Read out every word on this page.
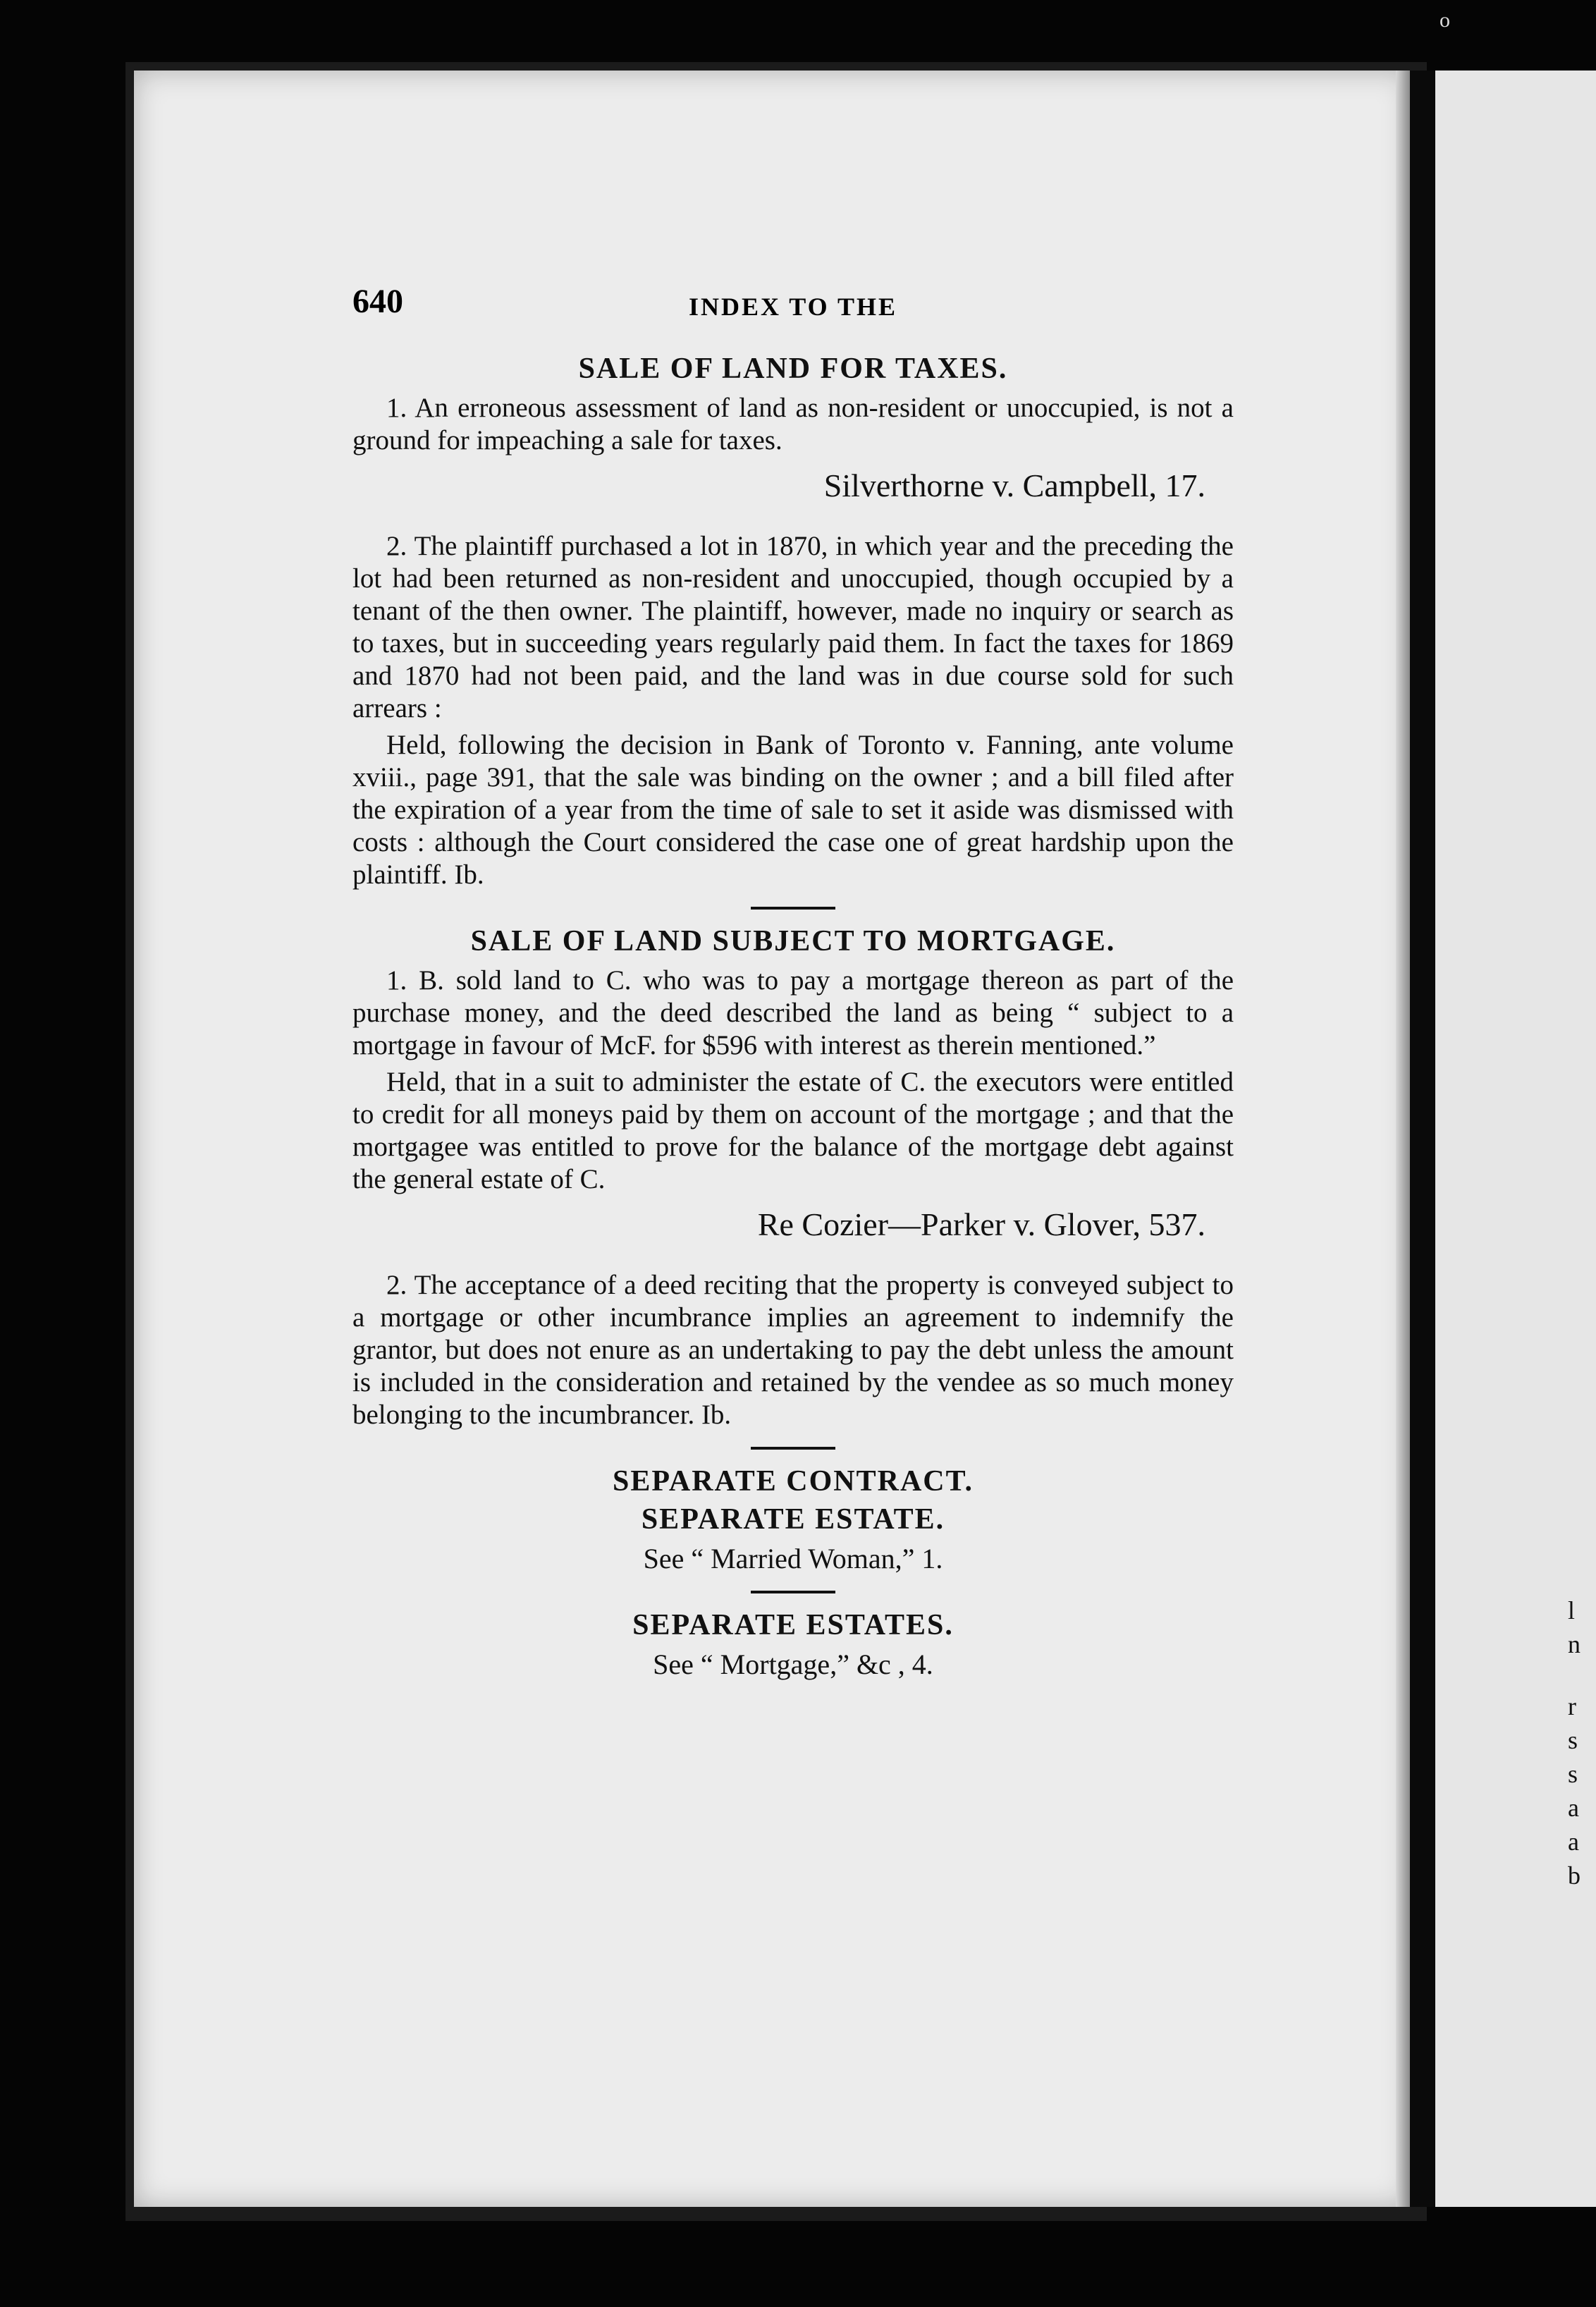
l
n
r
s
s
a
a
b
o
640	INDEX TO THE
SALE OF LAND FOR TAXES.

1. An erroneous assessment of land as non-resident or unoccupied, is not a ground for impeaching a sale for taxes.

Silverthorne v. Campbell, 17.

2. The plaintiff purchased a lot in 1870, in which year and the preceding the lot had been returned as non-resident and unoccupied, though occupied by a tenant of the then owner. The plaintiff, however, made no inquiry or search as to taxes, but in succeeding years regularly paid them. In fact the taxes for 1869 and 1870 had not been paid, and the land was in due course sold for such arrears :

Held, following the decision in Bank of Toronto v. Fanning, ante volume xviii., page 391, that the sale was binding on the owner ; and a bill filed after the expiration of a year from the time of sale to set it aside was dismissed with costs : although the Court considered the case one of great hardship upon the plaintiff. Ib.

SALE OF LAND SUBJECT TO MORTGAGE.

1. B. sold land to C. who was to pay a mortgage thereon as part of the purchase money, and the deed described the land as being “ subject to a mortgage in favour of McF. for $596 with interest as therein mentioned.”

Held, that in a suit to administer the estate of C. the executors were entitled to credit for all moneys paid by them on account of the mortgage ; and that the mortgagee was entitled to prove for the balance of the mortgage debt against the general estate of C.

Re Cozier—Parker v. Glover, 537.

2. The acceptance of a deed reciting that the property is conveyed subject to a mortgage or other incumbrance implies an agreement to indemnify the grantor, but does not enure as an undertaking to pay the debt unless the amount is included in the consideration and retained by the vendee as so much money belonging to the incumbrancer. Ib.

SEPARATE CONTRACT.
SEPARATE ESTATE.

See “ Married Woman,” 1.

SEPARATE ESTATES.

See “ Mortgage,” &c , 4.
